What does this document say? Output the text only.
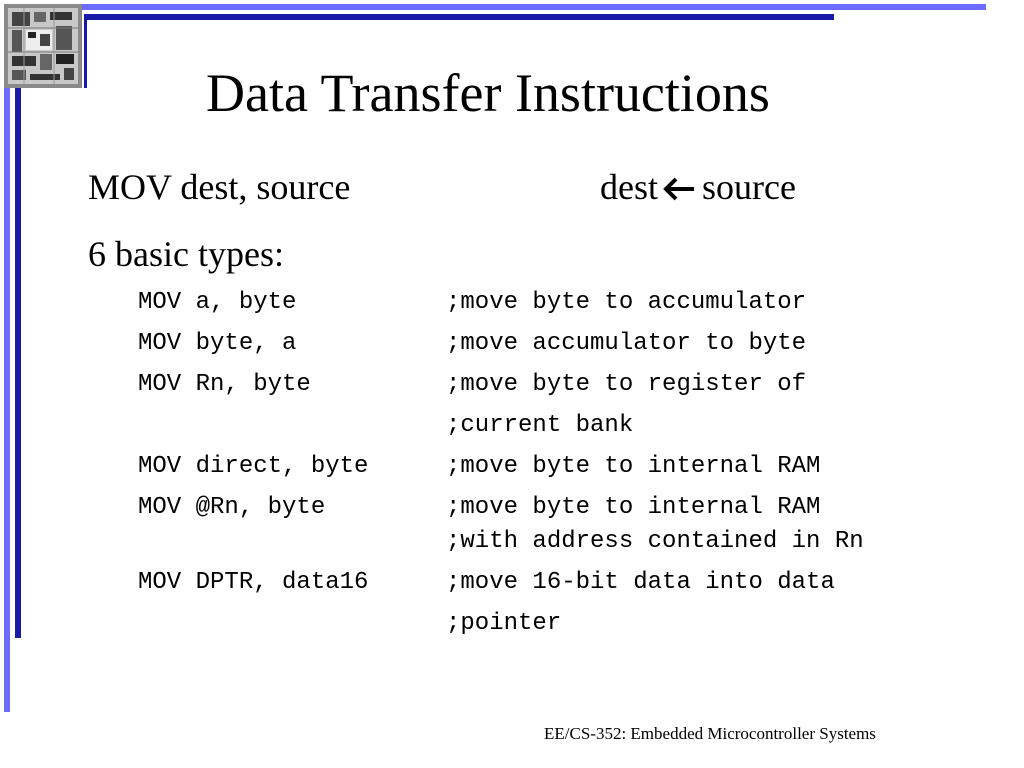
Data Transfer Instructions
MOV dest, source	dest source
6 basic types:
MOV a, byte	;move byte to accumulator
MOV byte, a	;move accumulator to byte
MOV Rn, byte	;move byte to register of
;current bank
MOV direct, byte	;move byte to internal RAM
MOV @Rn, byte	;move byte to internal RAM
;with address contained in Rn
MOV DPTR, data16	;move 16-bit data into data
;pointer
EE/CS-352: Embedded Microcontroller Systems
